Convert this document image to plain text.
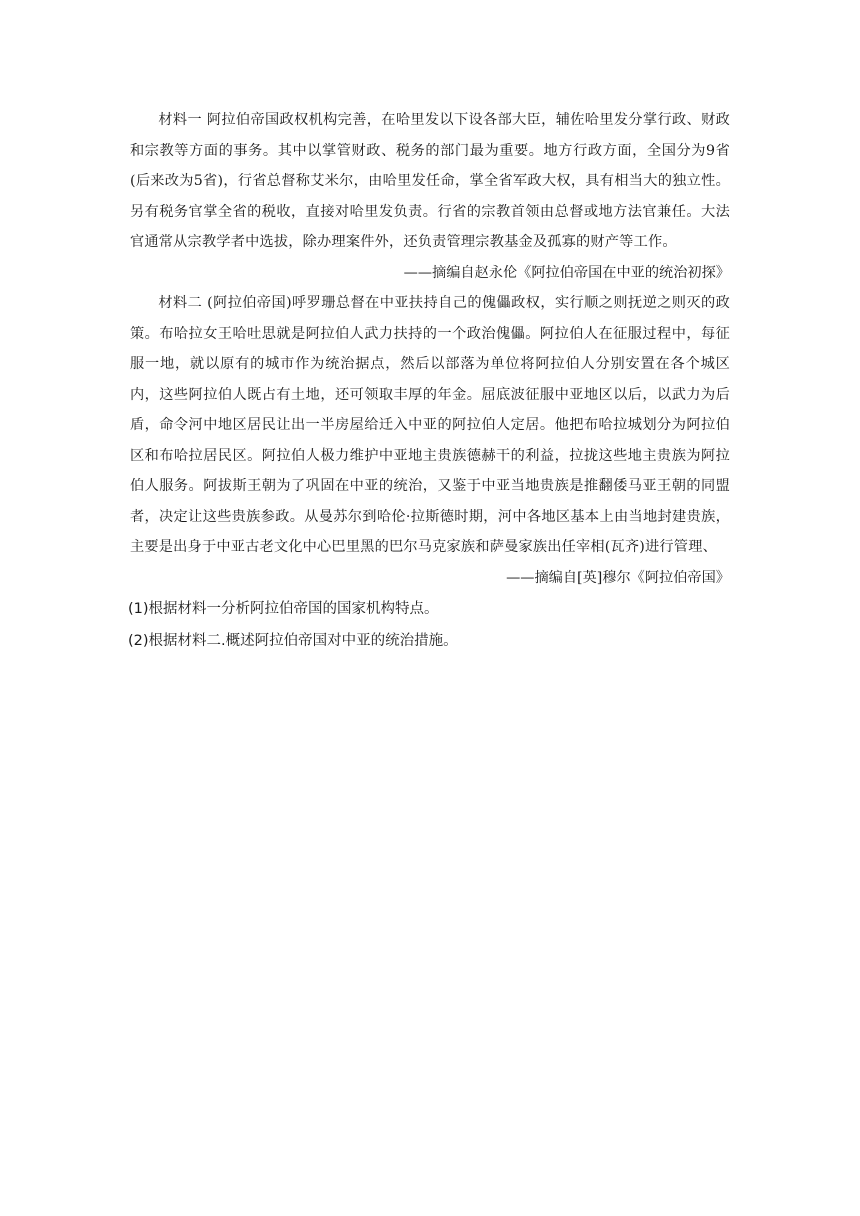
材料一 阿拉伯帝国政权机构完善，在哈里发以下设各部大臣，辅佐哈里发分掌行政、财政和宗教等方面的事务。其中以掌管财政、税务的部门最为重要。地方行政方面，全国分为9省(后来改为5省)，行省总督称艾米尔，由哈里发任命，掌全省军政大权，具有相当大的独立性。另有税务官掌全省的税收，直接对哈里发负责。行省的宗教首领由总督或地方法官兼任。大法官通常从宗教学者中选拔，除办理案件外，还负责管理宗教基金及孤寡的财产等工作。

——摘编自赵永伦《阿拉伯帝国在中亚的统治初探》

材料二 (阿拉伯帝国)呼罗珊总督在中亚扶持自己的傀儡政权，实行顺之则抚逆之则灭的政策。布哈拉女王哈吐思就是阿拉伯人武力扶持的一个政治傀儡。阿拉伯人在征服过程中，每征服一地，就以原有的城市作为统治据点，然后以部落为单位将阿拉伯人分别安置在各个城区内，这些阿拉伯人既占有土地，还可领取丰厚的年金。屈底波征服中亚地区以后，以武力为后盾，命令河中地区居民让出一半房屋给迁入中亚的阿拉伯人定居。他把布哈拉城划分为阿拉伯区和布哈拉居民区。阿拉伯人极力维护中亚地主贵族德赫干的利益，拉拢这些地主贵族为阿拉伯人服务。阿拔斯王朝为了巩固在中亚的统治，又鉴于中亚当地贵族是推翻倭马亚王朝的同盟者，决定让这些贵族参政。从曼苏尔到哈伦·拉斯德时期，河中各地区基本上由当地封建贵族，主要是出身于中亚古老文化中心巴里黑的巴尔马克家族和萨曼家族出任宰相(瓦齐)进行管理、

——摘编自[英]穆尔《阿拉伯帝国》

(1)根据材料一分析阿拉伯帝国的国家机构特点。

(2)根据材料二.概述阿拉伯帝国对中亚的统治措施。
